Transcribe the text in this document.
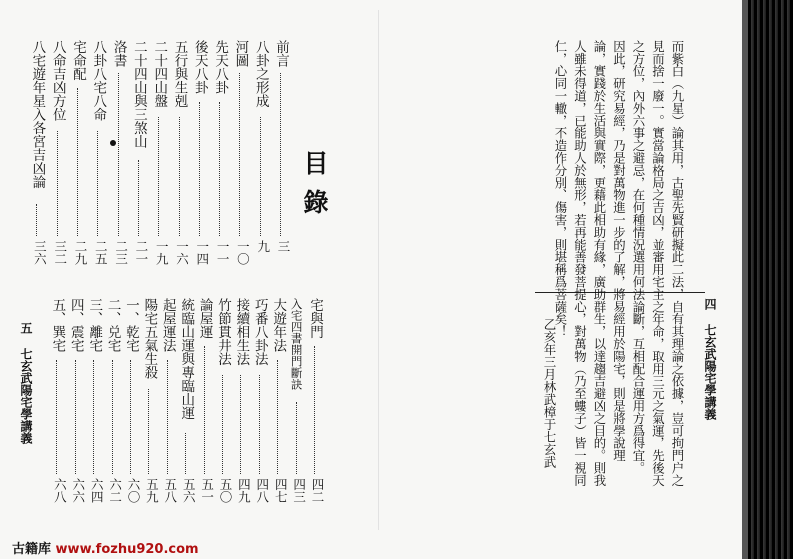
目錄
前言
三
八卦之形成
九
河圖
一〇
先天八卦
一一
後天八卦
一四
五行與生剋
一六
二十四山盤
一九
二十四山與三煞山
二一
洛書
二三
八卦八宅八命
二五
宅命配
二九
八命吉凶方位
三二
八宅遊年星入各宮吉凶論
三六
宅與門
四二
入宅四書開門斷訣
四三
大遊年法
四七
巧番八卦法
四八
接續相生法
四九
竹節貫井法
五〇
論屋運
五一
統臨山運與專臨山運
五六
起屋運法
五八
陽宅五氣生殺
五九
一、乾宅
六〇
二、兑宅
六二
三、離宅
六四
四、震宅
六六
五、巽宅
六八
五 七玄武陽宅學講義	四 七玄武陽宅學講義
而紫白（九星）論其用，古聖先賢研擬此二法，自有其理論之依據，豈可拘門户之
見而捨一廢一。實當論格局之吉凶，並審用宅主之年命，取用三元之氣運，先後天
之方位，內外六事之避忌，在何種情況選用何法論斷，互相配合運用方爲得宜。
因此，研究易經，乃是對萬物進一步的了解，將易經用於陽宅，則是將學說理
論，實踐於生活與實際，更藉此相助有緣，廣助群生，以達趨吉避凶之目的。則我
人雖未得道，已能助人於無形，若再能善發菩提心，對萬物（乃至螻子）皆一視同
仁，心同一轍，不造作分別、傷害，則堪稱爲菩薩矣！
乙亥年三月林武樟于七玄武
古籍库 www.fozhu920.com
